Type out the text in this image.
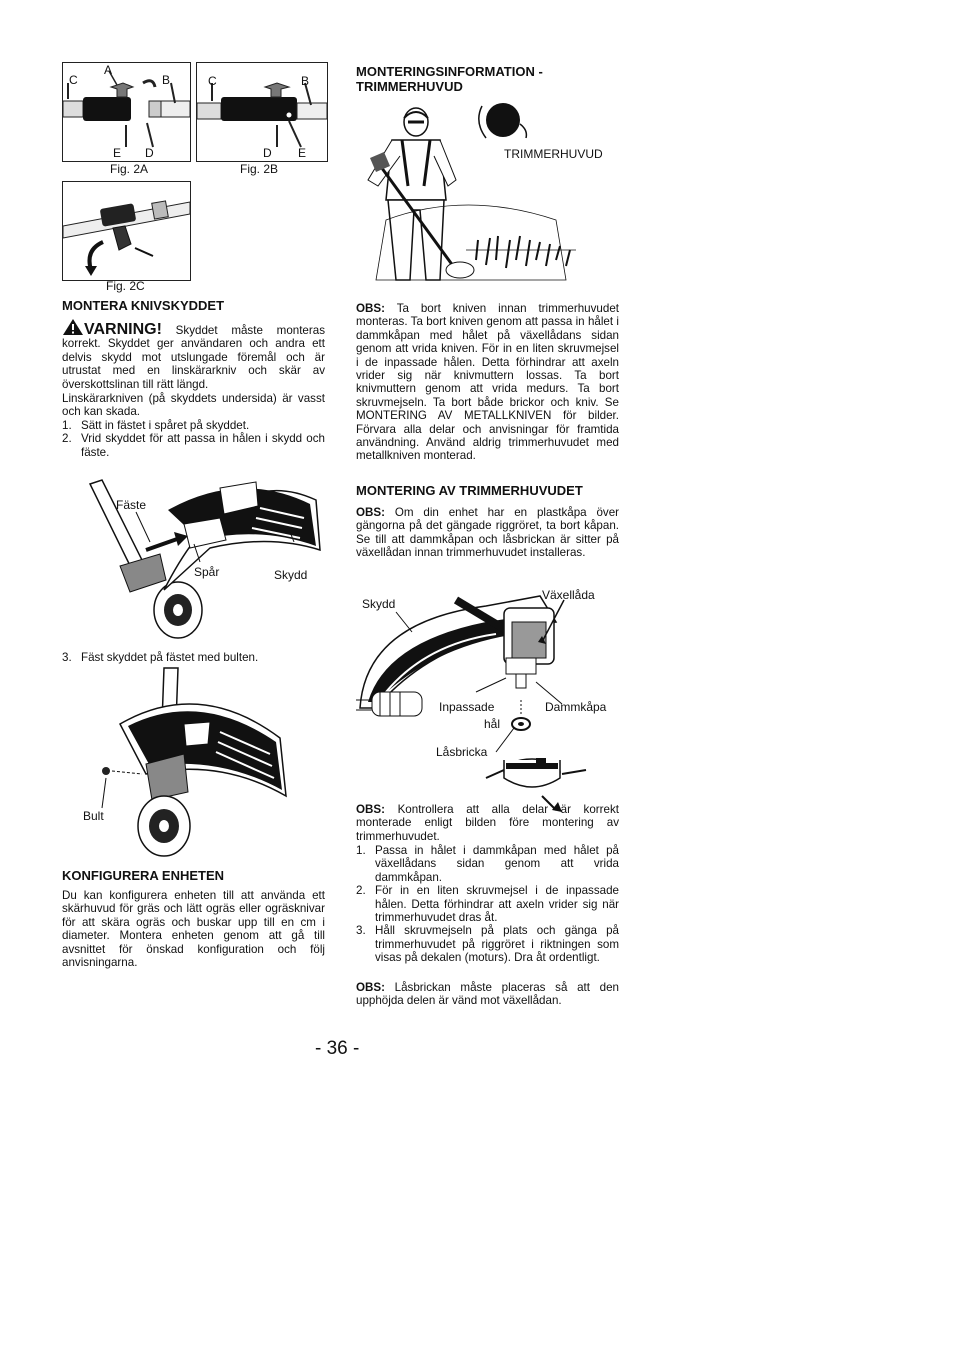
C
A
B
E D
Fig. 2A
C	B
D E
Fig. 2B
Fig. 2C
MONTERA KNIVSKYDDET
VARNING! Skyddet måste monteras korrekt. Skyddet ger användaren och andra ett delvis skydd mot utslungade föremål och är utrustat med en linskärarkniv och skär av överskottslinan till rätt längd.
Linskärarkniven (på skyddets undersida) är vasst och kan skada.
1. Sätt in fästet i spåret på skyddet.
2. Vrid skyddet för att passa in hålen i skydd och fäste.
Fäste
Spår	Skydd
3. Fäst skyddet på fästet med bulten.
Bult
KONFIGURERA ENHETEN
Du kan konfigurera enheten till att använda ett skärhuvud för gräs och lätt ogräs eller ogräsknivar för att skära ogräs och buskar upp till en cm i diameter. Montera enheten genom att gå till avsnittet för önskad konfiguration och följ anvisningarna.
MONTERINGSINFORMATION -
TRIMMERHUVUD
TRIMMERHUVUD
OBS: Ta bort kniven innan trimmerhuvudet monteras. Ta bort kniven genom att passa in hålet i dammkåpan med hålet på växellådans sidan genom att vrida kniven. För in en liten skruvmejsel i de inpassade hålen. Detta förhindrar att axeln vrider sig när knivmuttern lossas. Ta bort knivmuttern genom att vrida medurs. Ta bort skruvmejseln. Ta bort både brickor och kniv. Se MONTERING AV METALLKNIVEN för bilder. Förvara alla delar och anvisningar för framtida användning. Använd aldrig trimmerhuvudet med metallkniven monterad.
MONTERING AV TRIMMERHUVUDET
OBS: Om din enhet har en plastkåpa över gängorna på det gängade riggröret, ta bort kåpan. Se till att dammkåpan och låsbrickan är sitter på växellådan innan trimmerhuvudet installeras.
Skydd
Växellåda
Inpassade
hål
Dammkåpa
Låsbricka
OBS: Kontrollera att alla delar är korrekt monterade enligt bilden före montering av trimmerhuvudet.
1. Passa in hålet i dammkåpan med hålet på växellådans sidan genom att vrida dammkåpan.
2. För in en liten skruvmejsel i de inpassade hålen. Detta förhindrar att axeln vrider sig när trimmerhuvudet dras åt.
3. Håll skruvmejseln på plats och gänga på trimmerhuvudet på riggröret i riktningen som visas på dekalen (moturs). Dra åt ordentligt.
OBS: Låsbrickan måste placeras så att den upphöjda delen är vänd mot växellådan.
- 36 -
